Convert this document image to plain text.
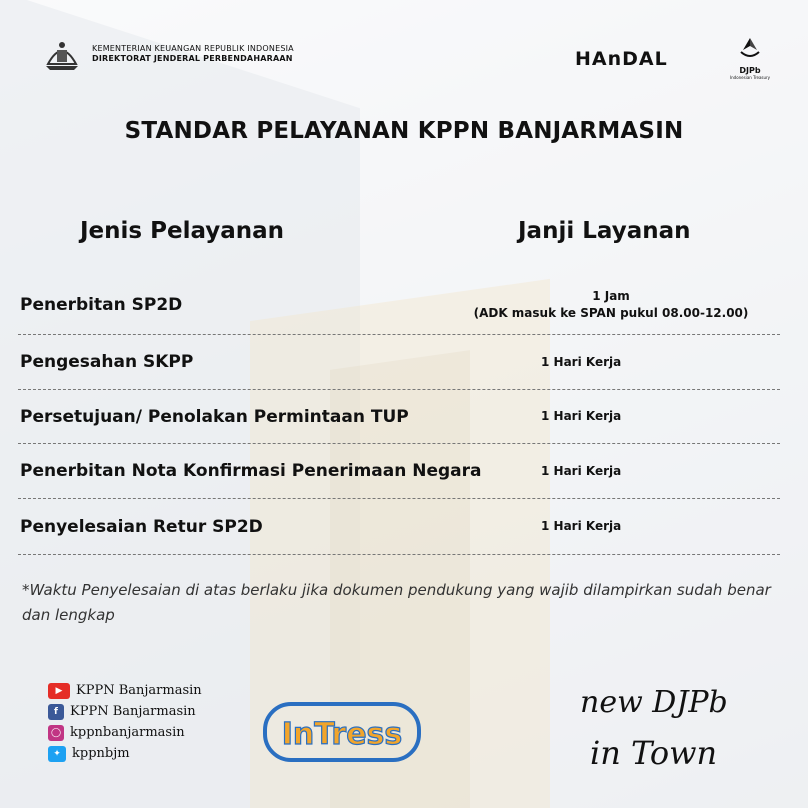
KEMENTERIAN KEUANGAN REPUBLIK INDONESIA
DIREKTORAT JENDERAL PERBENDAHARAAN	HAnDAL

DJPb
Indonesian Treasury
STANDAR PELAYANAN KPPN BANJARMASIN
Jenis Pelayanan	Janji Layanan
Penerbitan SP2D	1 Jam
(ADK masuk ke SPAN pukul 08.00-12.00)
Pengesahan SKPP	1 Hari Kerja
Persetujuan/ Penolakan Permintaan TUP	1 Hari Kerja
Penerbitan Nota Konfirmasi Penerimaan Negara	1 Hari Kerja
Penyelesaian Retur SP2D	1 Hari Kerja
*Waktu Penyelesaian di atas berlaku jika dokumen pendukung yang wajib dilampirkan sudah benar dan lengkap
▶	KPPN Banjarmasin
f KPPN Banjarmasin
◯ kppnbanjarmasin
✦ kppnbjm
InTress
new DJPb
in Town
